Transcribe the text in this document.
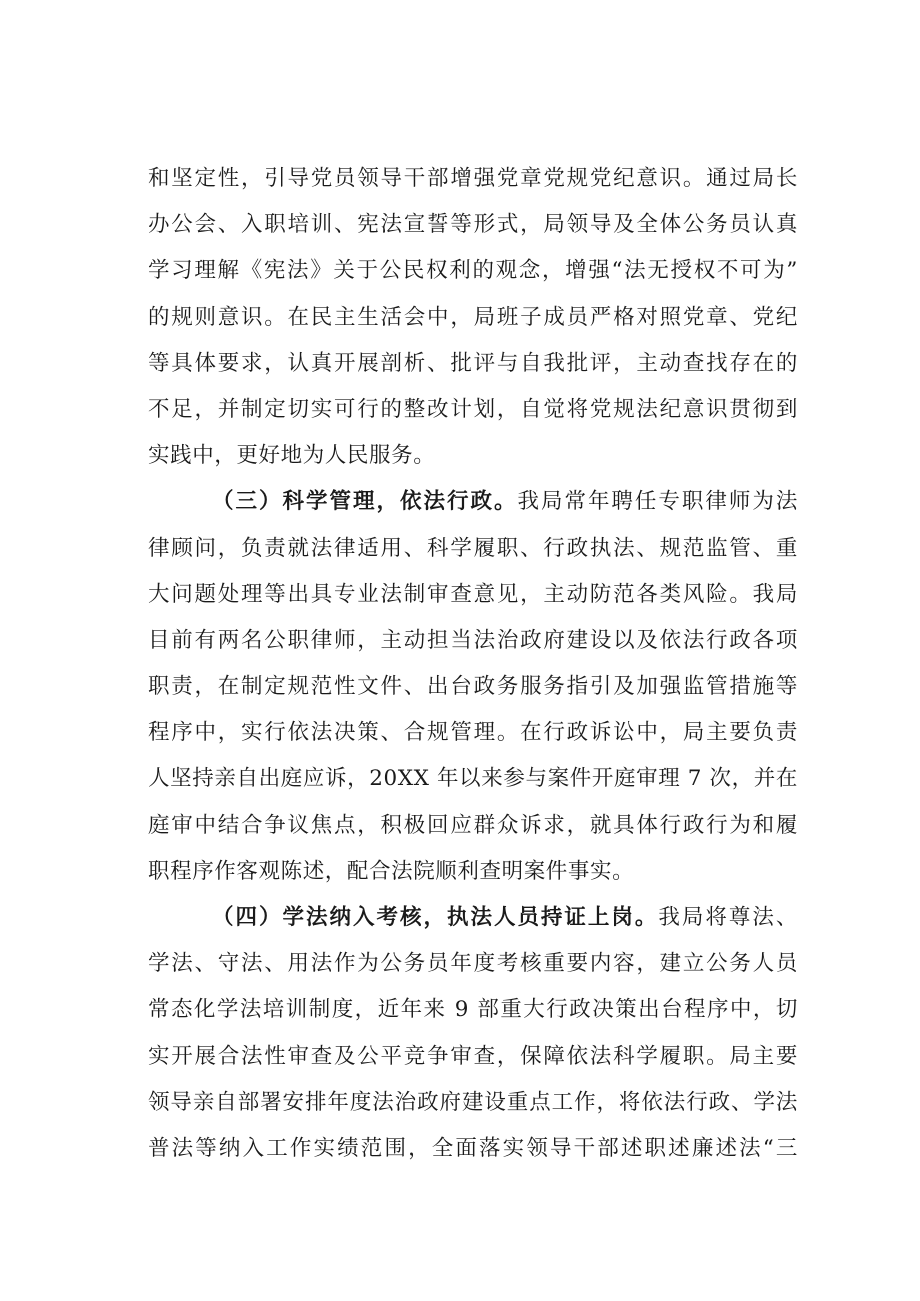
和坚定性，引导党员领导干部增强党章党规党纪意识。通过局长
办公会、入职培训、宪法宣誓等形式，局领导及全体公务员认真
学习理解《宪法》关于公民权利的观念，增强“法无授权不可为”
的规则意识。在民主生活会中，局班子成员严格对照党章、党纪
等具体要求，认真开展剖析、批评与自我批评，主动查找存在的
不足，并制定切实可行的整改计划，自觉将党规法纪意识贯彻到
实践中，更好地为人民服务。
（三）科学管理，依法行政。我局常年聘任专职律师为法
律顾问，负责就法律适用、科学履职、行政执法、规范监管、重
大问题处理等出具专业法制审查意见，主动防范各类风险。我局
目前有两名公职律师，主动担当法治政府建设以及依法行政各项
职责，在制定规范性文件、出台政务服务指引及加强监管措施等
程序中，实行依法决策、合规管理。在行政诉讼中，局主要负责
人坚持亲自出庭应诉，20XX 年以来参与案件开庭审理 7 次，并在
庭审中结合争议焦点，积极回应群众诉求，就具体行政行为和履
职程序作客观陈述，配合法院顺利查明案件事实。
（四）学法纳入考核，执法人员持证上岗。我局将尊法、
学法、守法、用法作为公务员年度考核重要内容，建立公务人员
常态化学法培训制度，近年来 9 部重大行政决策出台程序中，切
实开展合法性审查及公平竞争审查，保障依法科学履职。局主要
领导亲自部署安排年度法治政府建设重点工作，将依法行政、学法
普法等纳入工作实绩范围，全面落实领导干部述职述廉述法“三
